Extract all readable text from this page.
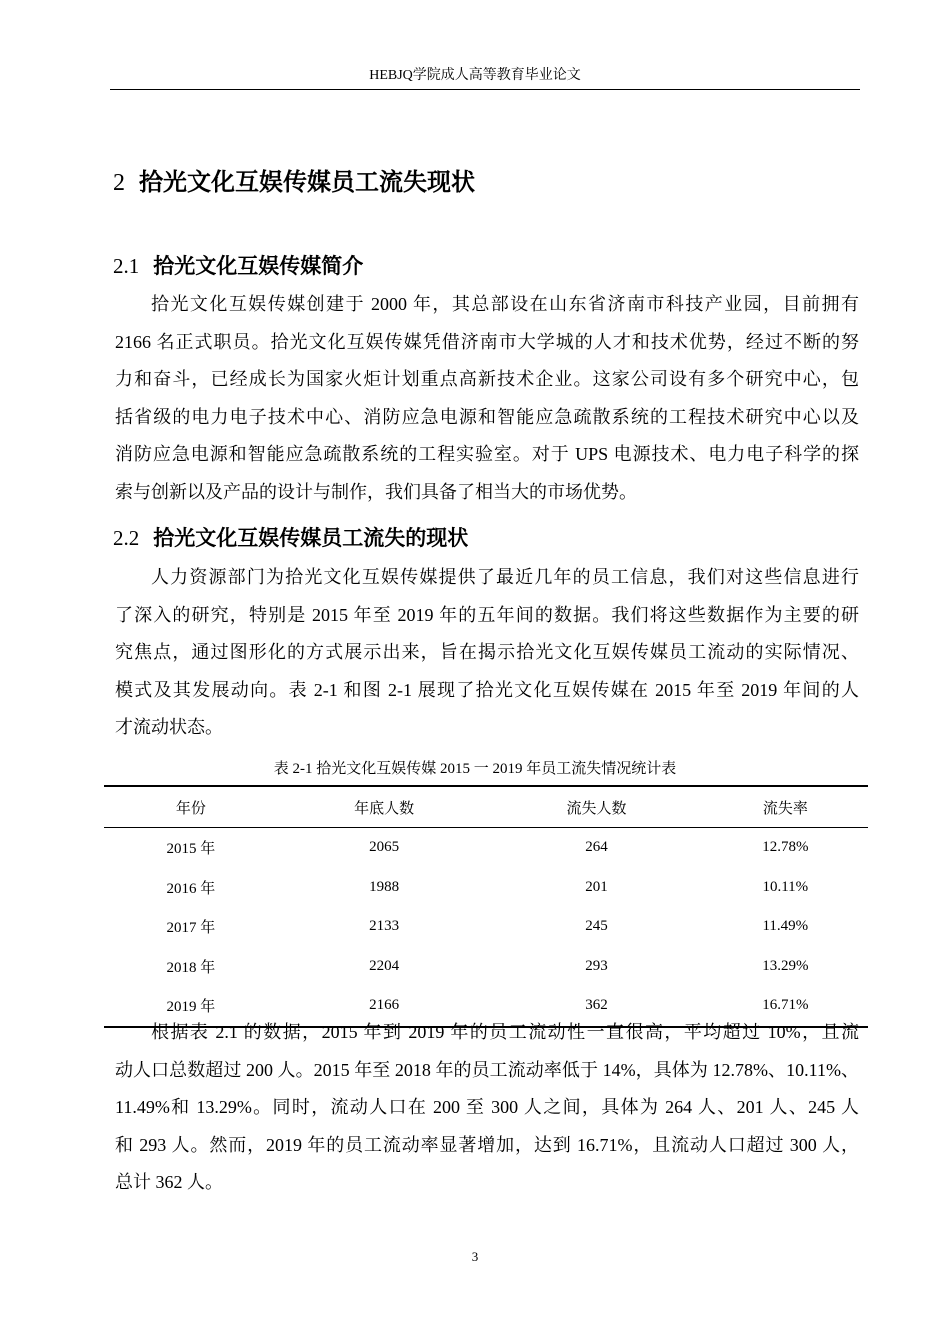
HEBJQ学院成人高等教育毕业论文
2 拾光文化互娱传媒员工流失现状
2.1 拾光文化互娱传媒简介
拾光文化互娱传媒创建于 2000 年，其总部设在山东省济南市科技产业园，目前拥有
2166 名正式职员。拾光文化互娱传媒凭借济南市大学城的人才和技术优势，经过不断的努
力和奋斗，已经成长为国家火炬计划重点高新技术企业。这家公司设有多个研究中心，包
括省级的电力电子技术中心、消防应急电源和智能应急疏散系统的工程技术研究中心以及
消防应急电源和智能应急疏散系统的工程实验室。对于 UPS 电源技术、电力电子科学的探
索与创新以及产品的设计与制作，我们具备了相当大的市场优势。
2.2 拾光文化互娱传媒员工流失的现状
人力资源部门为拾光文化互娱传媒提供了最近几年的员工信息，我们对这些信息进行
了深入的研究，特别是 2015 年至 2019 年的五年间的数据。我们将这些数据作为主要的研
究焦点，通过图形化的方式展示出来，旨在揭示拾光文化互娱传媒员工流动的实际情况、
模式及其发展动向。表 2-1 和图 2-1 展现了拾光文化互娱传媒在 2015 年至 2019 年间的人
才流动状态。
表 2-1 拾光文化互娱传媒 2015 一 2019 年员工流失情况统计表
年份	年底人数	流失人数	流失率
2015 年	2065	264	12.78%
2016 年	1988	201	10.11%
2017 年	2133	245	11.49%
2018 年	2204	293	13.29%
2019 年	2166	362	16.71%
根据表 2.1 的数据，2015 年到 2019 年的员工流动性一直很高，平均超过 10%，且流
动人口总数超过 200 人。2015 年至 2018 年的员工流动率低于 14%，具体为 12.78%、10.11%、
11.49%和 13.29%。同时，流动人口在 200 至 300 人之间，具体为 264 人、201 人、245 人
和 293 人。然而，2019 年的员工流动率显著增加，达到 16.71%，且流动人口超过 300 人，
总计 362 人。
3
